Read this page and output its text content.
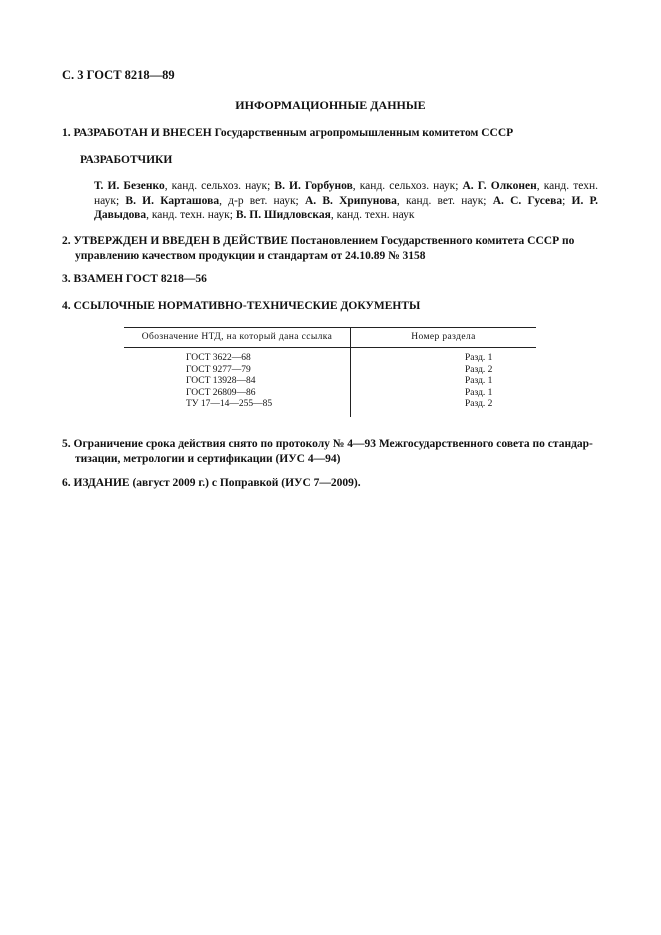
С. 3 ГОСТ 8218—89
ИНФОРМАЦИОННЫЕ ДАННЫЕ
1. РАЗРАБОТАН И ВНЕСЕН Государственным агропромышленным комитетом СССР
РАЗРАБОТЧИКИ
Т. И. Безенко, канд. сельхоз. наук; В. И. Горбунов, канд. сельхоз. наук; А. Г. Олконен, канд. техн. наук; В. И. Карташова, д-р вет. наук; А. В. Хрипунова, канд. вет. наук; А. С. Гусева; И. Р. Давыдова, канд. техн. наук; В. П. Шидловская, канд. техн. наук
2. УТВЕРЖДЕН И ВВЕДЕН В ДЕЙСТВИЕ Постановлением Государственного комитета СССР по
управлению качеством продукции и стандартам от 24.10.89 № 3158
3. ВЗАМЕН ГОСТ 8218—56
4. ССЫЛОЧНЫЕ НОРМАТИВНО-ТЕХНИЧЕСКИЕ ДОКУМЕНТЫ
Обозначение НТД, на который дана ссылка	Номер раздела
ГОСТ 3622—68	Разд. 1
ГОСТ 9277—79	Разд. 2
ГОСТ 13928—84	Разд. 1
ГОСТ 26809—86	Разд. 1
ТУ 17—14—255—85	Разд. 2
5. Ограничение срока действия снято по протоколу № 4—93 Межгосударственного совета по стандар-
тизации, метрологии и сертификации (ИУС 4—94)
6. ИЗДАНИЕ (август 2009 г.) с Поправкой (ИУС 7—2009).
